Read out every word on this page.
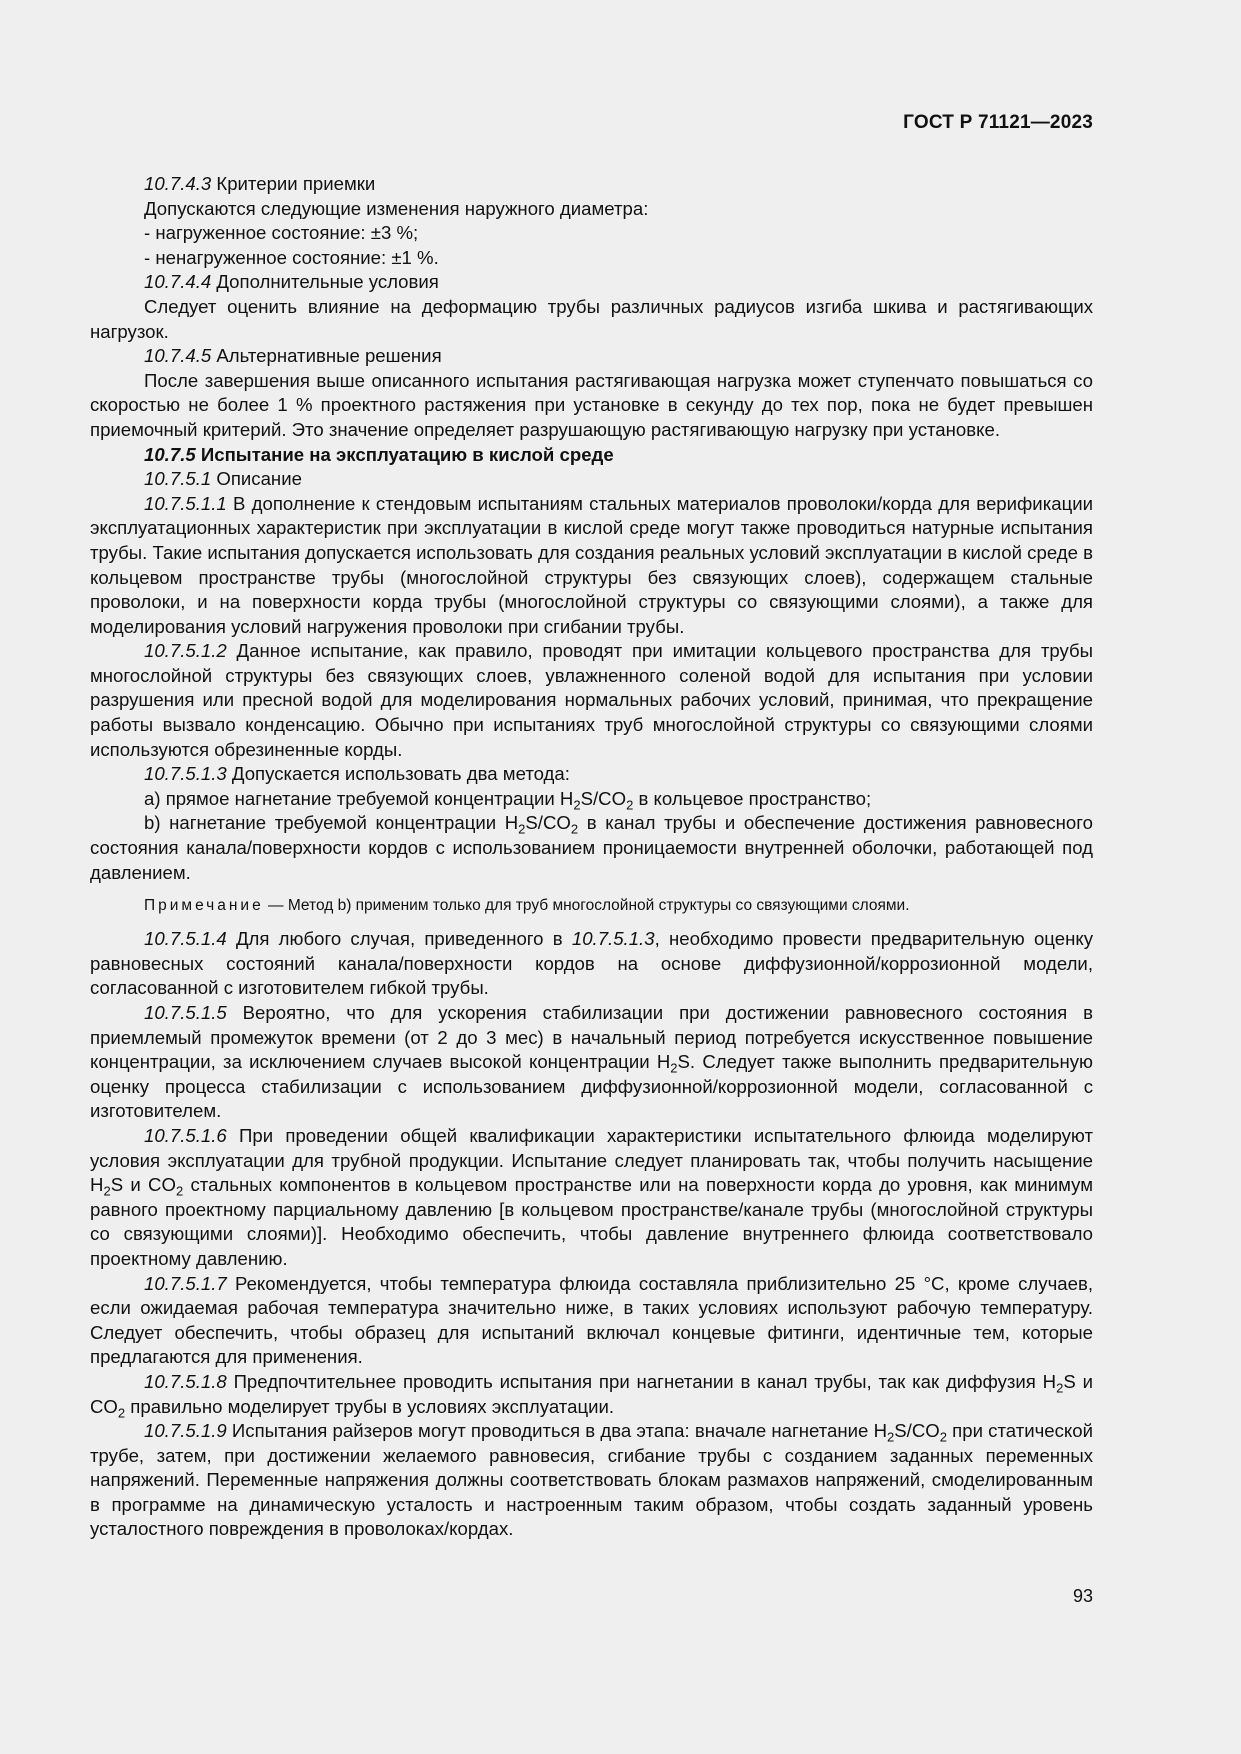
ГОСТ Р 71121—2023

10.7.4.3 Критерии приемки

Допускаются следующие изменения наружного диаметра:

- нагруженное состояние: ±3 %;

- ненагруженное состояние: ±1 %.

10.7.4.4 Дополнительные условия

Следует оценить влияние на деформацию трубы различных радиусов изгиба шкива и растягивающих нагрузок.

10.7.4.5 Альтернативные решения

После завершения выше описанного испытания растягивающая нагрузка может ступенчато повышаться со скоростью не более 1 % проектного растяжения при установке в секунду до тех пор, пока не будет превышен приемочный критерий. Это значение определяет разрушающую растягивающую нагрузку при установке.

10.7.5 Испытание на эксплуатацию в кислой среде

10.7.5.1 Описание

10.7.5.1.1 В дополнение к стендовым испытаниям стальных материалов проволоки/корда для верификации эксплуатационных характеристик при эксплуатации в кислой среде могут также проводиться натурные испытания трубы. Такие испытания допускается использовать для создания реальных условий эксплуатации в кислой среде в кольцевом пространстве трубы (многослойной структуры без связующих слоев), содержащем стальные проволоки, и на поверхности корда трубы (многослойной структуры со связующими слоями), а также для моделирования условий нагружения проволоки при сгибании трубы.

10.7.5.1.2 Данное испытание, как правило, проводят при имитации кольцевого пространства для трубы многослойной структуры без связующих слоев, увлажненного соленой водой для испытания при условии разрушения или пресной водой для моделирования нормальных рабочих условий, принимая, что прекращение работы вызвало конденсацию. Обычно при испытаниях труб многослойной структуры со связующими слоями используются обрезиненные корды.

10.7.5.1.3 Допускается использовать два метода:

a) прямое нагнетание требуемой концентрации $H_2S/CO_2$ в кольцевое пространство;

b) нагнетание требуемой концентрации $H_2S/CO_2$ в канал трубы и обеспечение достижения равновесного состояния канала/поверхности кордов с использованием проницаемости внутренней оболочки, работающей под давлением.

Примечание — Метод b) применим только для труб многослойной структуры со связующими слоями.

10.7.5.1.4 Для любого случая, приведенного в 10.7.5.1.3, необходимо провести предварительную оценку равновесных состояний канала/поверхности кордов на основе диффузионной/коррозионной модели, согласованной с изготовителем гибкой трубы.

10.7.5.1.5 Вероятно, что для ускорения стабилизации при достижении равновесного состояния в приемлемый промежуток времени (от 2 до 3 мес) в начальный период потребуется искусственное повышение концентрации, за исключением случаев высокой концентрации $H_2S$. Следует также выполнить предварительную оценку процесса стабилизации с использованием диффузионной/коррозионной модели, согласованной с изготовителем.

10.7.5.1.6 При проведении общей квалификации характеристики испытательного флюида моделируют условия эксплуатации для трубной продукции. Испытание следует планировать так, чтобы получить насыщение $H_2S$ и $CO_2$ стальных компонентов в кольцевом пространстве или на поверхности корда до уровня, как минимум равного проектному парциальному давлению [в кольцевом пространстве/канале трубы (многослойной структуры со связующими слоями)]. Необходимо обеспечить, чтобы давление внутреннего флюида соответствовало проектному давлению.

10.7.5.1.7 Рекомендуется, чтобы температура флюида составляла приблизительно 25 °C, кроме случаев, если ожидаемая рабочая температура значительно ниже, в таких условиях используют рабочую температуру. Следует обеспечить, чтобы образец для испытаний включал концевые фитинги, идентичные тем, которые предлагаются для применения.

10.7.5.1.8 Предпочтительнее проводить испытания при нагнетании в канал трубы, так как диффузия $H_2S$ и $CO_2$ правильно моделирует трубы в условиях эксплуатации.

10.7.5.1.9 Испытания райзеров могут проводиться в два этапа: вначале нагнетание $H_2S/CO_2$ при статической трубе, затем, при достижении желаемого равновесия, сгибание трубы с созданием заданных переменных напряжений. Переменные напряжения должны соответствовать блокам размахов напряжений, смоделированным в программе на динамическую усталость и настроенным таким образом, чтобы создать заданный уровень усталостного повреждения в проволоках/кордах.

93
